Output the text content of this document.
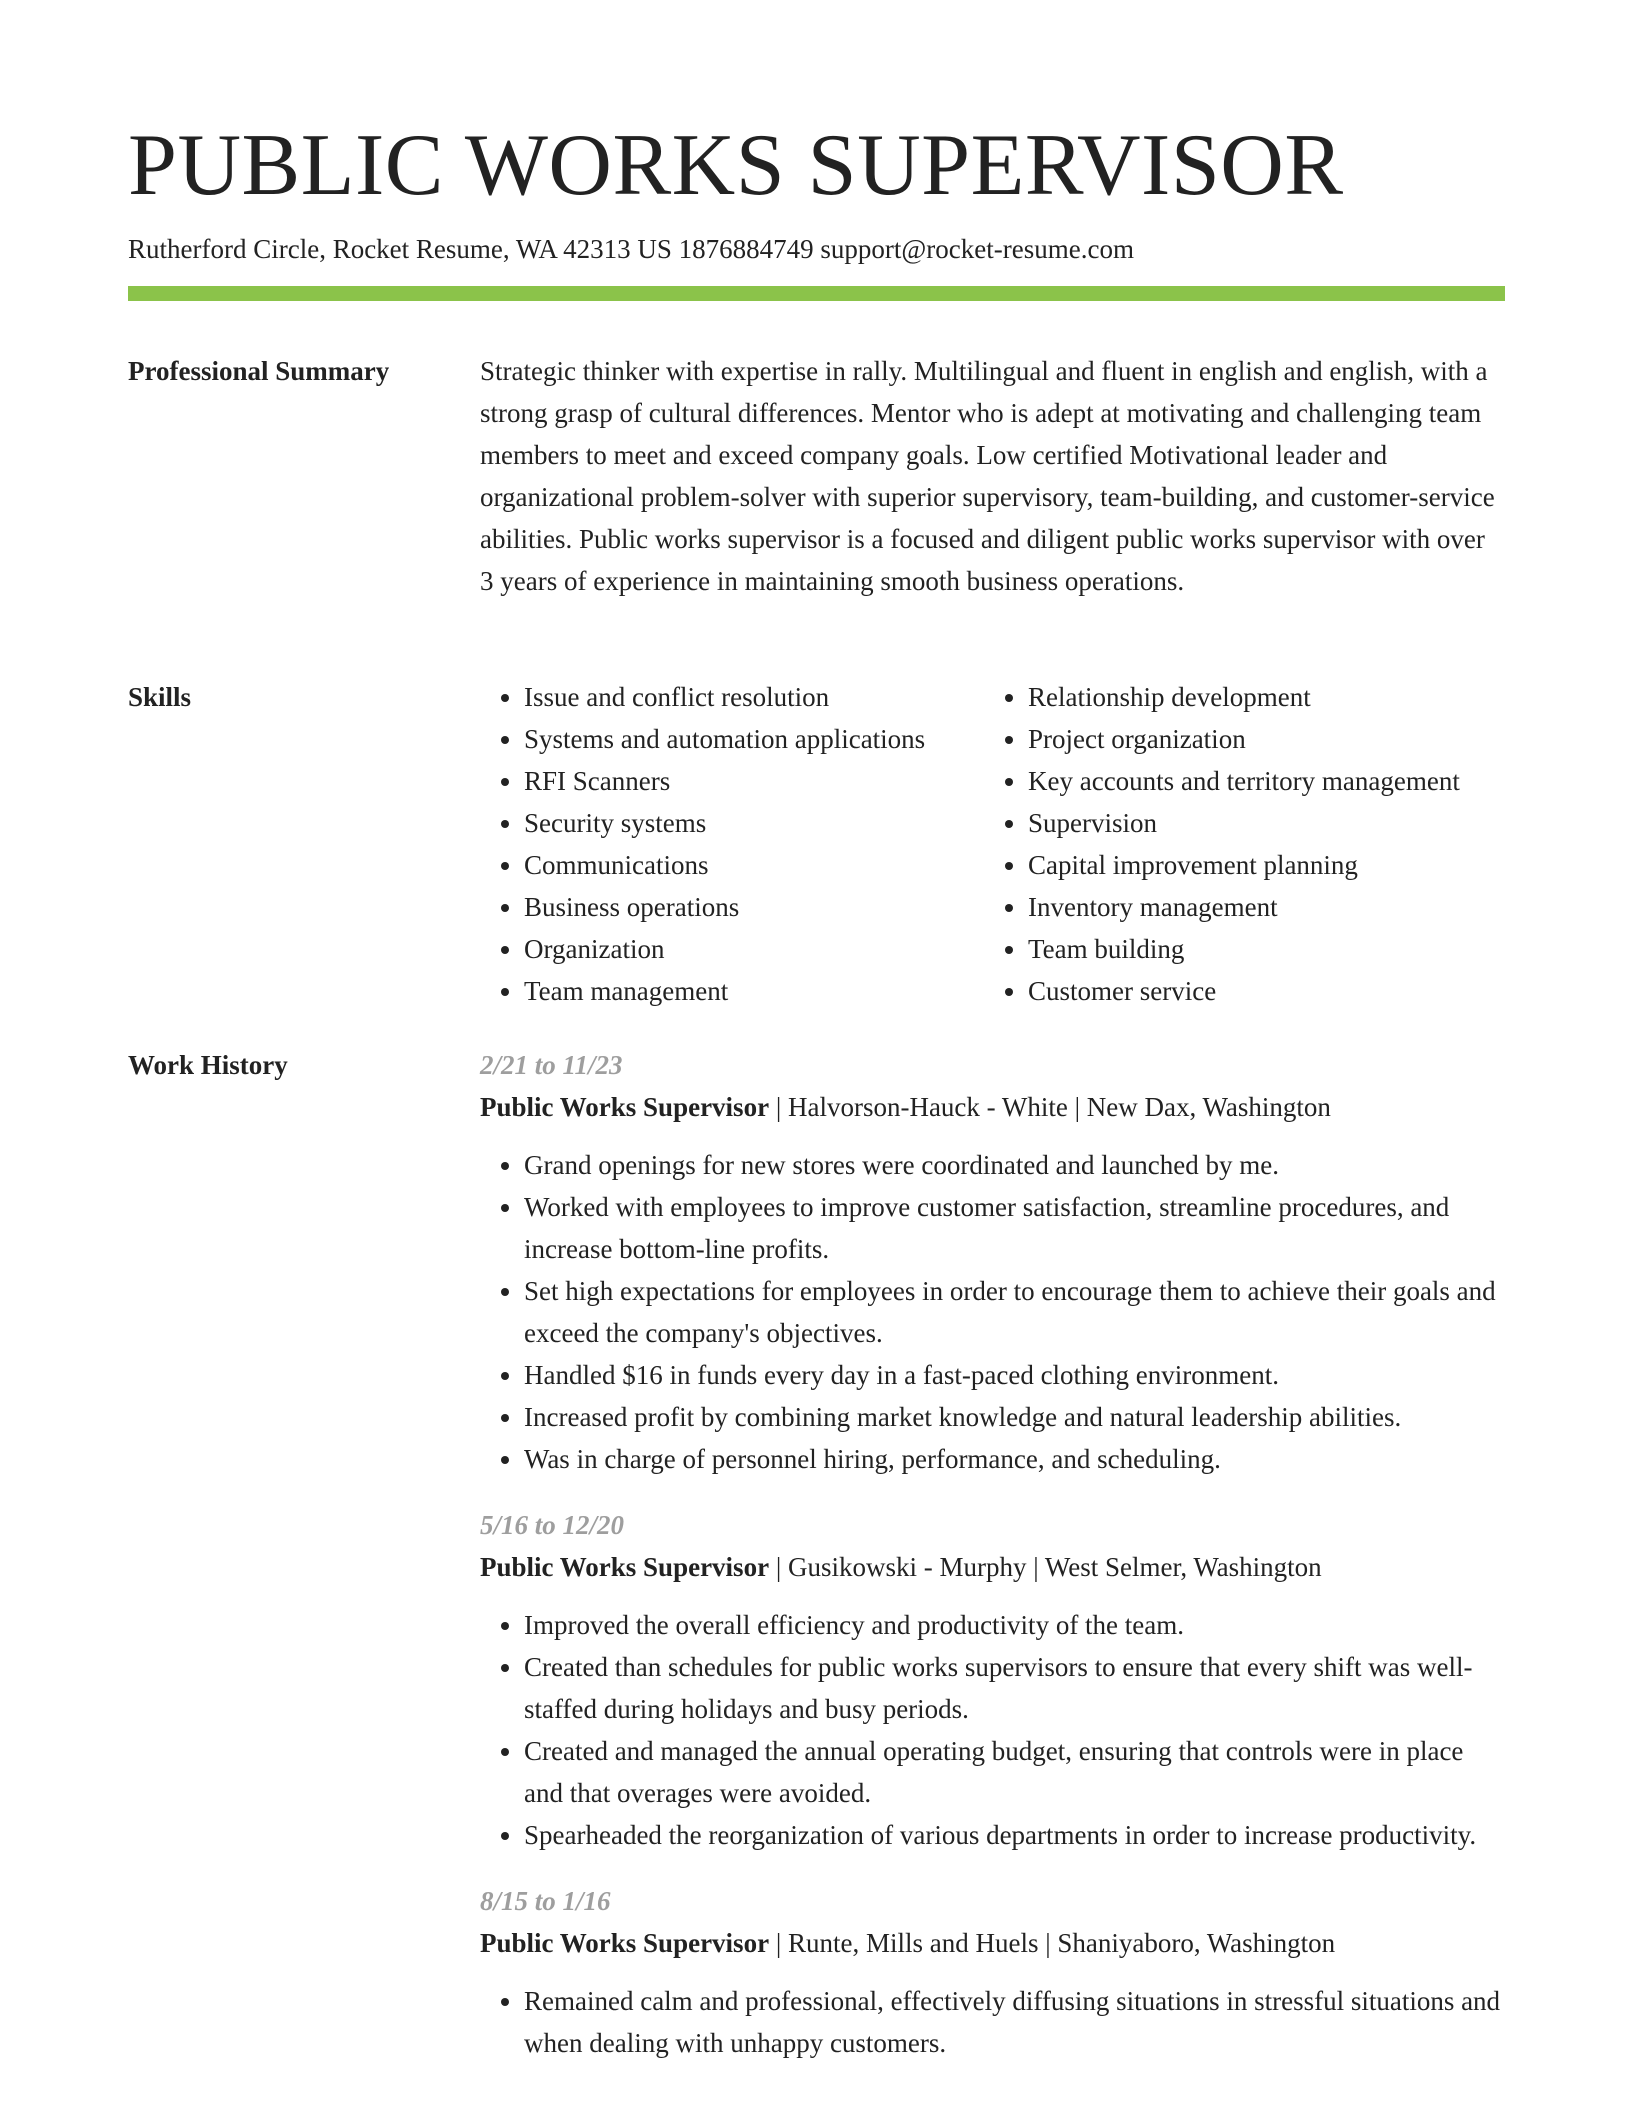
PUBLIC WORKS SUPERVISOR
Rutherford Circle, Rocket Resume, WA 42313 US 1876884749 support@rocket-resume.com
Professional Summary	Strategic thinker with expertise in rally. Multilingual and fluent in english and english, with a strong grasp of cultural differences. Mentor who is adept at motivating and challenging team members to meet and exceed company goals. Low certified Motivational leader and organizational problem-solver with superior supervisory, team-building, and customer-service abilities. Public works supervisor is a focused and diligent public works supervisor with over 3 years of experience in maintaining smooth business operations.

Skills
•	Issue and conflict resolution
• Systems and automation applications
• RFI Scanners
• Security systems
• Communications
• Business operations
• Organization
• Team management
• Relationship development
• Project organization
• Key accounts and territory management
• Supervision
• Capital improvement planning
• Inventory management
• Team building
• Customer service
Work History	2/21 to 11/23
Public Works Supervisor | Halvorson-Hauck - White | New Dax, Washington
• Grand openings for new stores were coordinated and launched by me.
• Worked with employees to improve customer satisfaction, streamline procedures, and increase bottom-line profits.
• Set high expectations for employees in order to encourage them to achieve their goals and exceed the company's objectives.
• Handled $16 in funds every day in a fast-paced clothing environment.
• Increased profit by combining market knowledge and natural leadership abilities.
• Was in charge of personnel hiring, performance, and scheduling.
5/16 to 12/20
Public Works Supervisor | Gusikowski - Murphy | West Selmer, Washington
• Improved the overall efficiency and productivity of the team.
• Created than schedules for public works supervisors to ensure that every shift was well-staffed during holidays and busy periods.
• Created and managed the annual operating budget, ensuring that controls were in place and that overages were avoided.
• Spearheaded the reorganization of various departments in order to increase productivity.
8/15 to 1/16
Public Works Supervisor | Runte, Mills and Huels | Shaniyaboro, Washington
• Remained calm and professional, effectively diffusing situations in stressful situations and when dealing with unhappy customers.
